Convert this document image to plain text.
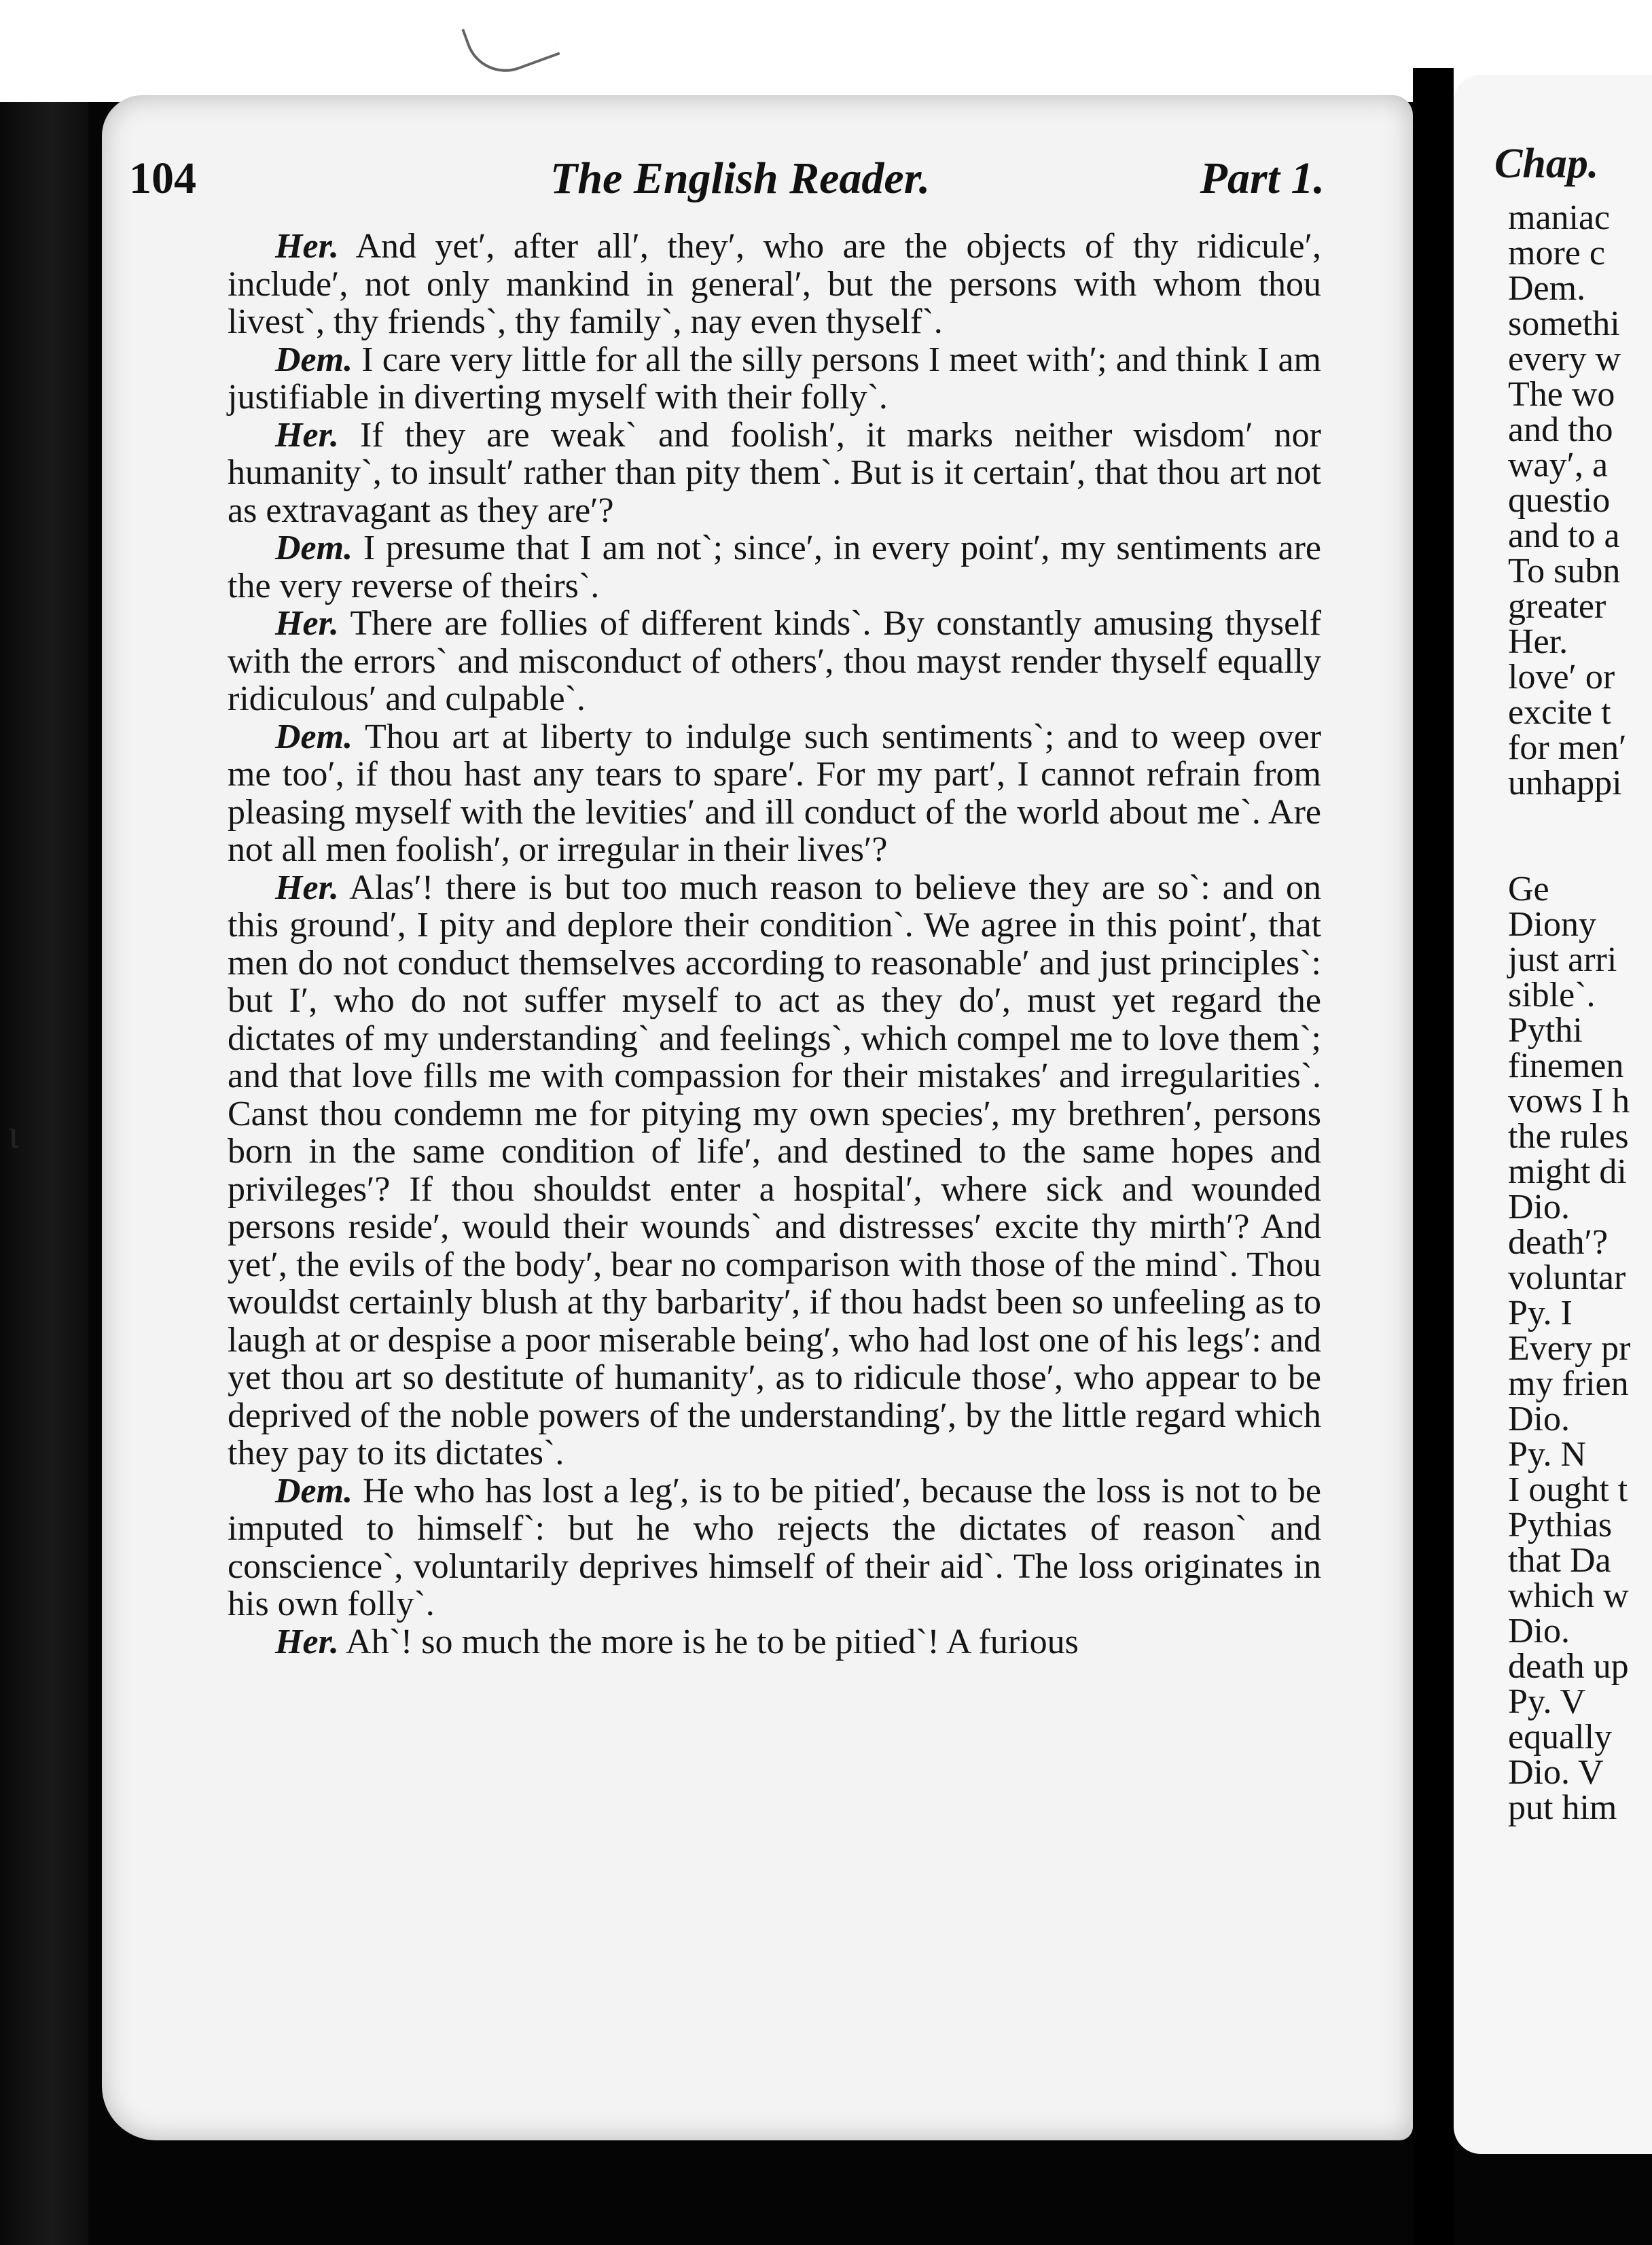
104	The English Reader.	Part 1.
ι

Her. And yet′, after all′, they′, who are the objects of thy ridicule′, include′, not only mankind in general′, but the persons with whom thou livest`, thy friends`, thy family`, nay even thyself`.

Dem. I care very little for all the silly persons I meet with′; and think I am justifiable in diverting myself with their folly`.

Her. If they are weak` and foolish′, it marks neither wisdom′ nor humanity`, to insult′ rather than pity them`. But is it certain′, that thou art not as extravagant as they are′?

Dem. I presume that I am not`; since′, in every point′, my sentiments are the very reverse of theirs`.

Her. There are follies of different kinds`. By constantly amusing thyself with the errors` and misconduct of others′, thou mayst render thyself equally ridiculous′ and culpable`.

Dem. Thou art at liberty to indulge such sentiments`; and to weep over me too′, if thou hast any tears to spare′. For my part′, I cannot refrain from pleasing myself with the levities′ and ill conduct of the world about me`. Are not all men foolish′, or irregular in their lives′?

Her. Alas′! there is but too much reason to believe they are so`: and on this ground′, I pity and deplore their condition`. We agree in this point′, that men do not conduct themselves according to reasonable′ and just principles`: but I′, who do not suffer myself to act as they do′, must yet regard the dictates of my understanding` and feelings`, which compel me to love them`; and that love fills me with compassion for their mistakes′ and irregularities`. Canst thou condemn me for pitying my own species′, my brethren′, persons born in the same condition of life′, and destined to the same hopes and privileges′? If thou shouldst enter a hospital′, where sick and wounded persons reside′, would their wounds` and distresses′ excite thy mirth′? And yet′, the evils of the body′, bear no comparison with those of the mind`. Thou wouldst certainly blush at thy barbarity′, if thou hadst been so unfeeling as to laugh at or despise a poor miserable being′, who had lost one of his legs′: and yet thou art so destitute of humanity′, as to ridicule those′, who appear to be deprived of the noble powers of the understanding′, by the little regard which they pay to its dictates`.

Dem. He who has lost a leg′, is to be pitied′, because the loss is not to be imputed to himself`: but he who rejects the dictates of reason` and conscience`, voluntarily deprives himself of their aid`. The loss originates in his own folly`.

Her. Ah`! so much the more is he to be pitied`! A furious

Chap.
maniac
more c
Dem.
somethi
every w
The wo
and tho
way′, a
questio
and to a
To subn
greater
Her.
love′ or
excite t
for men′
unhappi
Ge
Diony
just arri
sible`.
Pythi
finemen
vows I h
the rules
might di
Dio.
death′?
voluntar
Py. I
Every pr
my frien
Dio.
Py. N
I ought t
Pythias
that Da
which w
Dio.
death up
Py. V
equally
Dio. V
put him
